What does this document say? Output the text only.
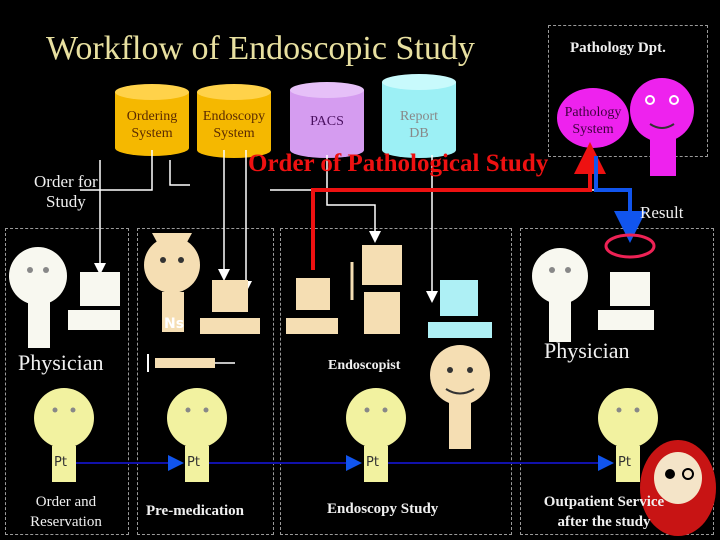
Workflow of Endoscopic Study
Ordering
System
Endoscopy
System
PACS	Report
DB
Pathology
System
Pathology Dpt.
Order for
Study
Order of Pathological Study
Result
Ns
Physician	Endoscopist
Physician
Pt	Pt	Pt	Pt
Order and
Reservation
Pre-medication	Endoscopy Study	Outpatient Service
after the study
